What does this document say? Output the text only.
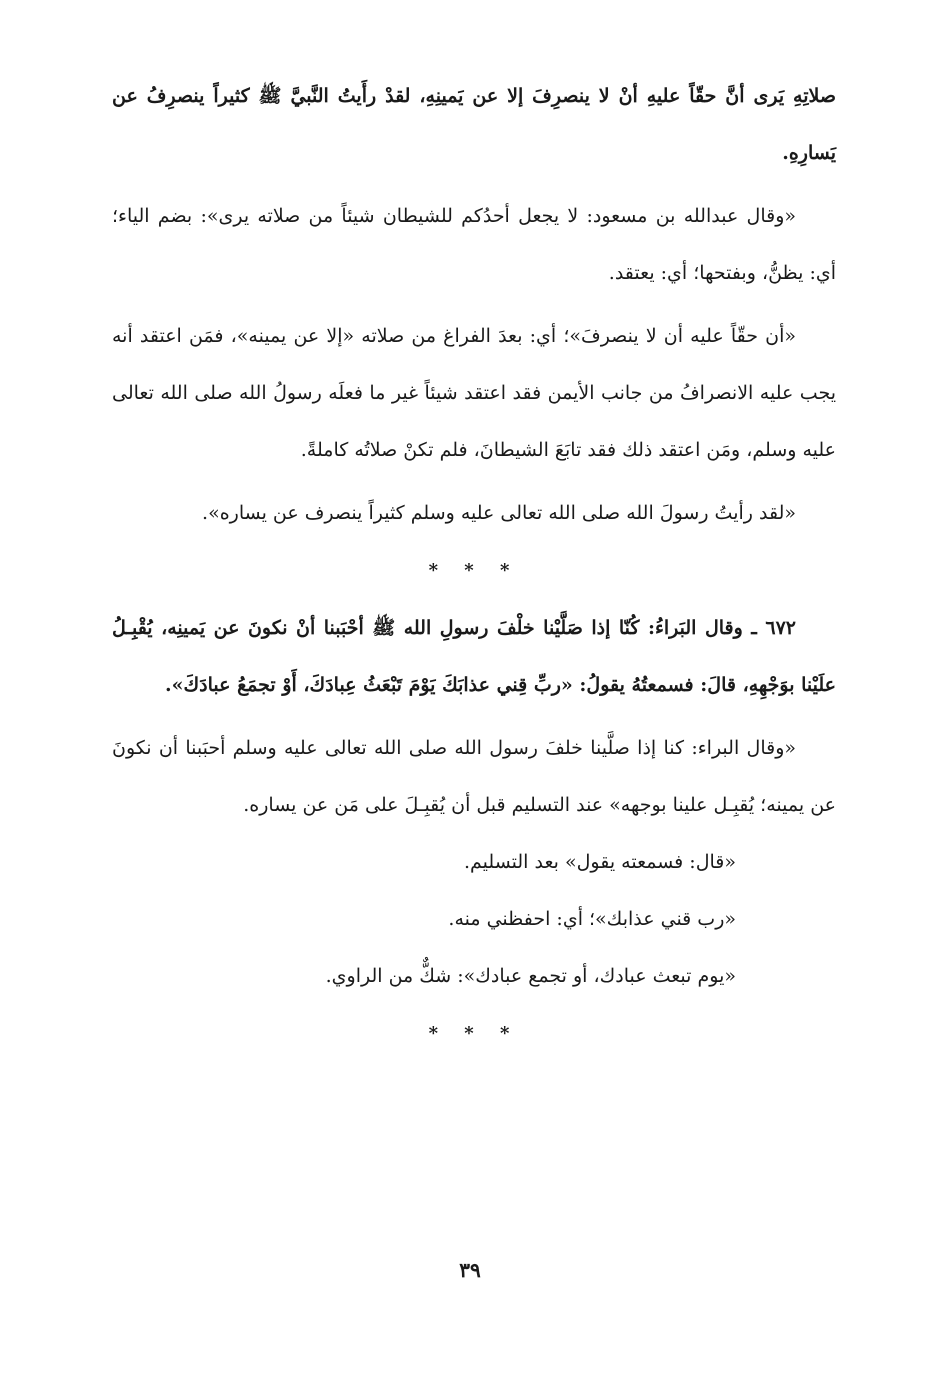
صلاتِهِ يَرى أنَّ حقّاً عليهِ أنْ لا ينصرِفَ إلا عن يَمينِهِ، لقدْ رأَيتُ النَّبيَّ ﷺ كثيراً ينصرِفُ عن يَسارِهِ.

«وقال عبدالله بن مسعود: لا يجعل أحدُكم للشيطان شيئاً من صلاته يرى»: بضم الياء؛ أي: يظنُّ، وبفتحها؛ أي: يعتقد.

«أن حقّاً عليه أن لا ينصرفَ»؛ أي: بعدَ الفراغ من صلاته «إلا عن يمينه»، فمَن اعتقد أنه يجب عليه الانصرافُ من جانب الأيمن فقد اعتقد شيئاً غير ما فعلَه رسولُ الله صلى الله تعالى عليه وسلم، ومَن اعتقد ذلك فقد تابَعَ الشيطانَ، فلم تكنْ صلاتُه كاملةً.

«لقد رأيتُ رسولَ الله صلى الله تعالى عليه وسلم كثيراً ينصرف عن يساره».

* * *

٦٧٢ ـ وقال البَراءُ: كُنّا إذا صَلَّيْنا خلْفَ رسولِ الله ﷺ أحْبَبنا أنْ نكونَ عن يَمينِه، يُقْبِـلُ علَيْنا بوَجْهِهِ، قالَ: فسمعتُهُ يقولُ: «ربِّ قِني عذابَكَ يَوْمَ تَبْعَثُ عِبادَكَ، أَوْ تجمَعُ عبادَكَ».

«وقال البراء: كنا إذا صلَّينا خلفَ رسول الله صلى الله تعالى عليه وسلم أحبَبنا أن نكونَ عن يمينه؛ يُقبِـل علينا بوجهه» عند التسليم قبل أن يُقبِـلَ على مَن عن يساره.

«قال: فسمعته يقول» بعد التسليم.

«رب قني عذابك»؛ أي: احفظني منه.

«يوم تبعث عبادك، أو تجمع عبادك»: شكٌّ من الراوي.

* * *
٣٩
